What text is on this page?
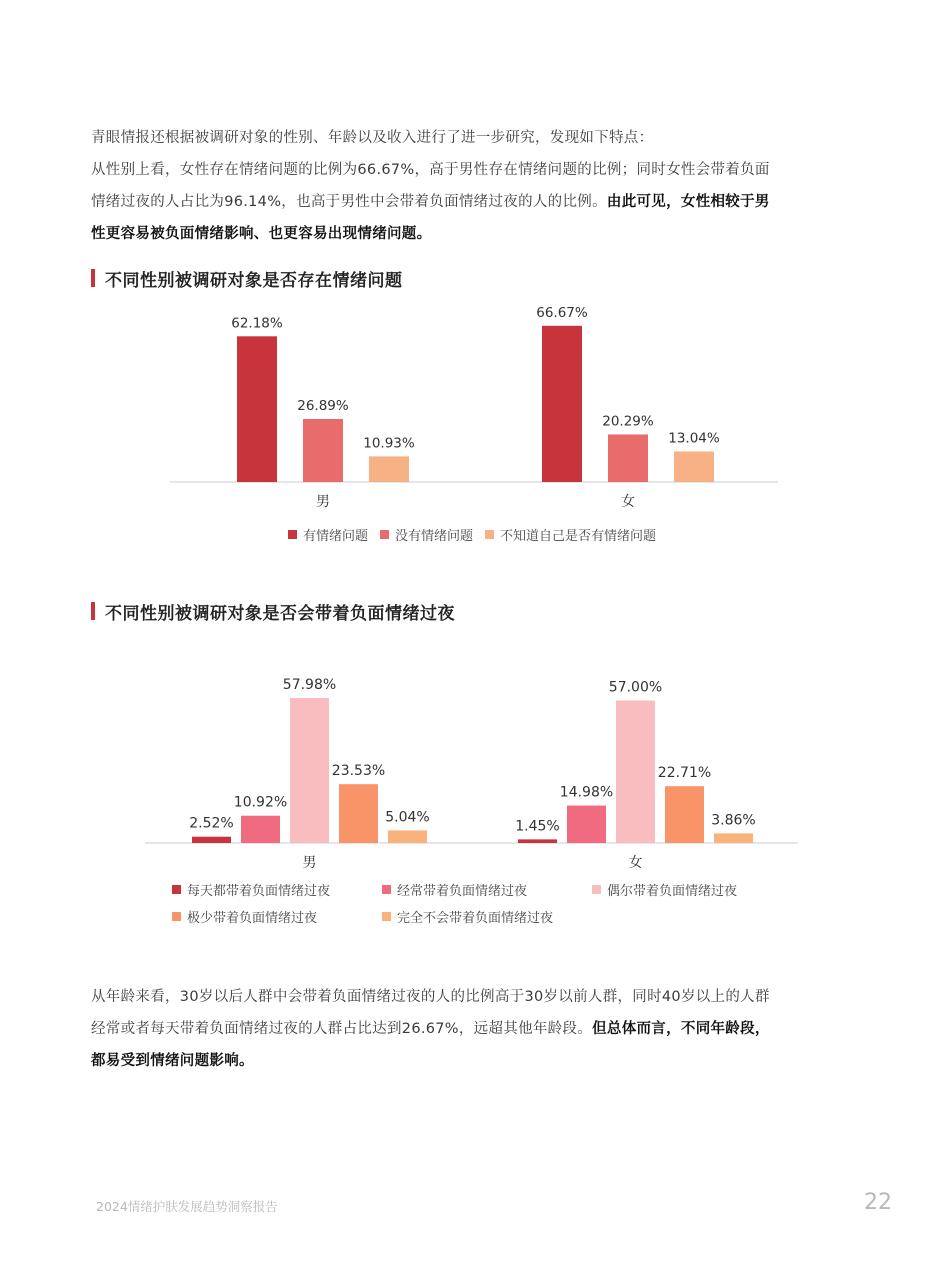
青眼情报还根据被调研对象的性别、年龄以及收入进行了进一步研究，发现如下特点：
从性别上看，女性存在情绪问题的比例为66.67%，高于男性存在情绪问题的比例；同时女性会带着负面
情绪过夜的人占比为96.14%，也高于男性中会带着负面情绪过夜的人的比例。由此可见，女性相较于男
性更容易被负面情绪影响、也更容易出现情绪问题。
不同性别被调研对象是否存在情绪问题
62.18%
26.89%
10.93%
男
66.67%
20.29%
13.04%
女
有情绪问题 没有情绪问题 不知道自己是否有情绪问题
不同性别被调研对象是否会带着负面情绪过夜
2.52%
10.92%
57.98%
23.53%
5.04%
男
1.45%
14.98%
57.00%
22.71%
3.86%
女
每天都带着负面情绪过夜	经常带着负面情绪过夜	偶尔带着负面情绪过夜
极少带着负面情绪过夜	完全不会带着负面情绪过夜
从年龄来看，30岁以后人群中会带着负面情绪过夜的人的比例高于30岁以前人群，同时40岁以上的人群
经常或者每天带着负面情绪过夜的人群占比达到26.67%，远超其他年龄段。但总体而言，不同年龄段，
都易受到情绪问题影响。
2024情绪护肤发展趋势洞察报告	22
